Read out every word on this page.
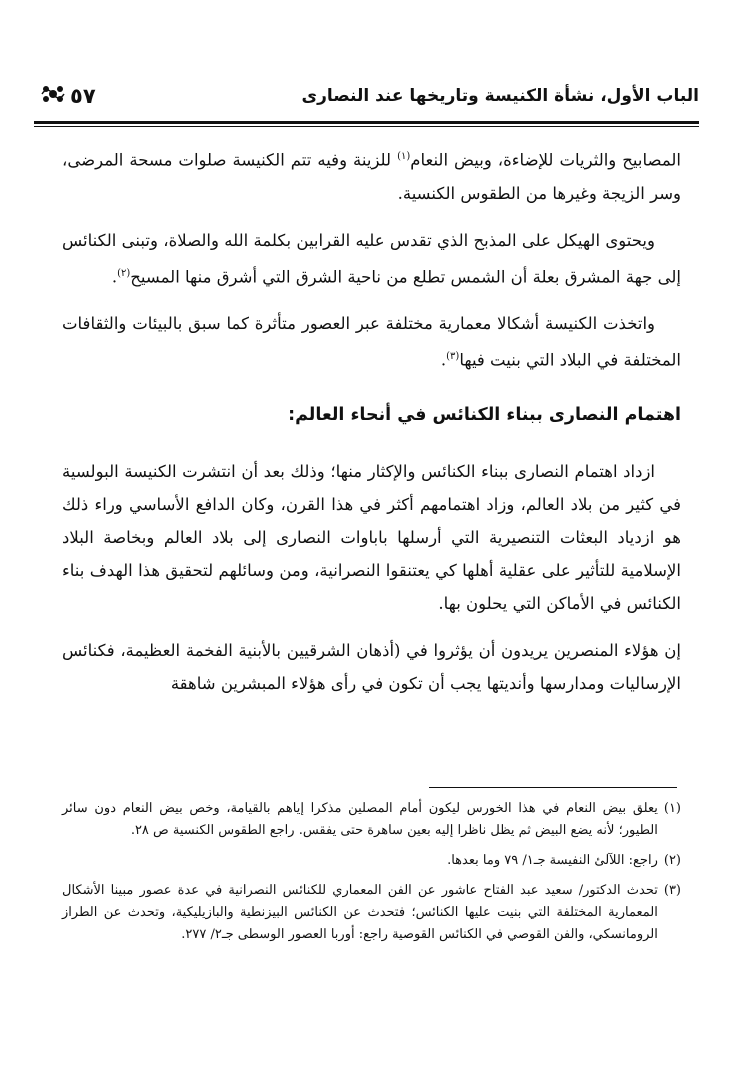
الباب الأول، نشأة الكنيسة وتاريخها عند النصارى
٥٧

المصابيح والثريات للإضاءة، وبيض النعام$^{(١)}$ للزينة وفيه تتم الكنيسة صلوات مسحة المرضى، وسر الزيجة وغيرها من الطقوس الكنسية.

ويحتوى الهيكل على المذبح الذي تقدس عليه القرابين بكلمة الله والصلاة، وتبنى الكنائس إلى جهة المشرق بعلة أن الشمس تطلع من ناحية الشرق التي أشرق منها المسيح$^{(٢)}$.

واتخذت الكنيسة أشكالا معمارية مختلفة عبر العصور متأثرة كما سبق بالبيئات والثقافات المختلفة في البلاد التي بنيت فيها$^{(٣)}$.

اهتمام النصارى ببناء الكنائس في أنحاء العالم:

ازداد اهتمام النصارى ببناء الكنائس والإكثار منها؛ وذلك بعد أن انتشرت الكنيسة البولسية في كثير من بلاد العالم، وزاد اهتمامهم أكثر في هذا القرن، وكان الدافع الأساسي وراء ذلك هو ازدياد البعثات التنصيرية التي أرسلها باباوات النصارى إلى بلاد العالم وبخاصة البلاد الإسلامية للتأثير على عقلية أهلها كي يعتنقوا النصرانية، ومن وسائلهم لتحقيق هذا الهدف بناء الكنائس في الأماكن التي يحلون بها.

إن هؤلاء المنصرين يريدون أن يؤثروا في (أذهان الشرقيين بالأبنية الفخمة العظيمة، فكنائس الإرساليات ومدارسها وأنديتها يجب أن تكون في رأى هؤلاء المبشرين شاهقة

(١)
يعلق بيض النعام في هذا الخورس ليكون أمام المصلين مذكرا إياهم بالقيامة، وخص بيض النعام دون سائر الطيور؛ لأنه يضع البيض ثم يظل ناظرا إليه بعين ساهرة حتى يفقس. راجع الطقوس الكنسية ص ٢٨.
(٢)
راجع: اللآلئ النفيسة جـ١/ ٧٩ وما بعدها.
(٣)
تحدث الدكتور/ سعيد عبد الفتاح عاشور عن الفن المعماري للكنائس النصرانية في عدة عصور مبينا الأشكال المعمارية المختلفة التي بنيت عليها الكنائس؛ فتحدث عن الكنائس البيزنطية والبازيليكية، وتحدث عن الطراز الرومانسكي، والفن القوصي في الكنائس القوصية راجع: أوربا العصور الوسطى جـ٢/ ٢٧٧.
